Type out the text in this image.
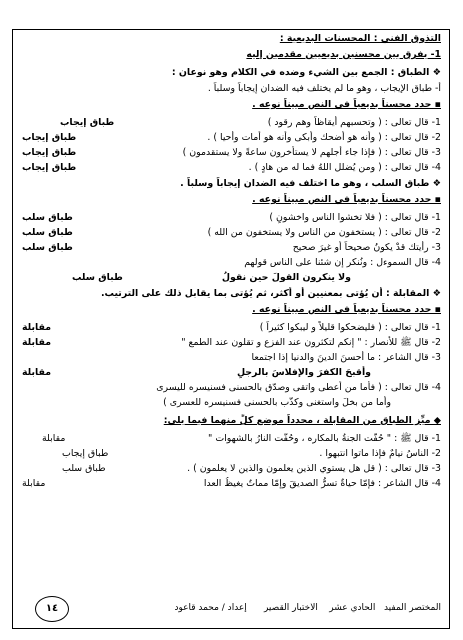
التذوق الفني : المحسنات البديعية :
1- يفرق بين محسنين بديعيين مقدمين إليه
❖ الطباق : الجمع بين الشيء وضده في الكلام وهو نوعان :
أ- طباق الإيجاب ، وهو ما لم يختلف فيه الضدان إيجاباً وسلباً .
▪ حدد محسناً بديعياً في النص مبيناً نوعه .
1- قال تعالى : ( وتحسبهم أيقاظاً وهم رقود )
طباق إيجاب
2- قال تعالى : ( وأنه هو أضحك وأبكى وأنه هو أمات وأحيا ) .
طباق إيجاب
3- قال تعالى : ( فإذا جاء أجلهم لا يستأخرون ساعةً ولا يستقدمون )
طباق إيجاب
4- قال تعالى : ( ومن يُضلل اللهُ فما له من هادٍ ) .
طباق إيجاب
❖ طباق السلب ، وهو ما اختلف فيه الضدان إيجاباً وسلباً .
▪ حدد محسناً بديعياً في النص مبيناً نوعه .
1- قال تعالى : ( فلا تخشوا الناس واخشونِ )
طباق سلب
2- قال تعالى : ( يستخفون من الناس ولا يستخفون من الله )
طباق سلب
3- رأيتك قدْ يكونُ صحيحاً أو غيرَ صحيح
طباق سلب
4- قال السموءل : ونُنكر إن شئنا على الناس قولهم
ولا ينكرون القولَ حين نقولُ
طباق سلب
❖ المقابلة : أن يُؤتى بمعنيين أو أكثر، ثم يُؤتى بما يقابل ذلك على الترتيب.
▪ حدد محسناً بديعياً في النص مبيناً نوعه .
1- قال تعالى : ( فليضحكوا قليلاً و ليبكوا كثيراً )
مقابلة
2- قال ﷺ للأنصار : " إنكم لتكثرون عند الفزع و تقلون عند الطمع "
مقابلة
3- قال الشاعر : ما أحسنَ الدينَ والدنيا إذا اجتمعا
وأقبحَ الكفرَ والإفلاسَ بالرجلِ
مقابلة
4- قال تعالى : ( فأما من أعطى واتقى وصدّق بالحسنى فسنيسره لليسرى
وأما من بخلَ واستغنى وكذّب بالحسنى فسنيسره للعسرى )
◆ ميِّز الطباق من المقابلة ، محدداً موضع كلٍّ منهما فيما يلي:
1- قال ﷺ : " حُفّت الجنةُ بالمكاره ، وحُفّت النارُ بالشهوات "
مقابلة
2- الناسُ نيامٌ فإذا ماتوا انتبهوا .
طباق إيجاب
3- قال تعالى : ( قل هل يستوي الذين يعلمون والذين لا يعلمون ) .
طباق سلب
4- قال الشاعر : فإمّا حياةٌ تسرُّ الصديقَ وإمّا مماتٌ يغيظُ العدا
مقابلة
المختصر المفيد   الحادي عشر    الاختبار القصير      إعداد / محمد قاعود
١٤
